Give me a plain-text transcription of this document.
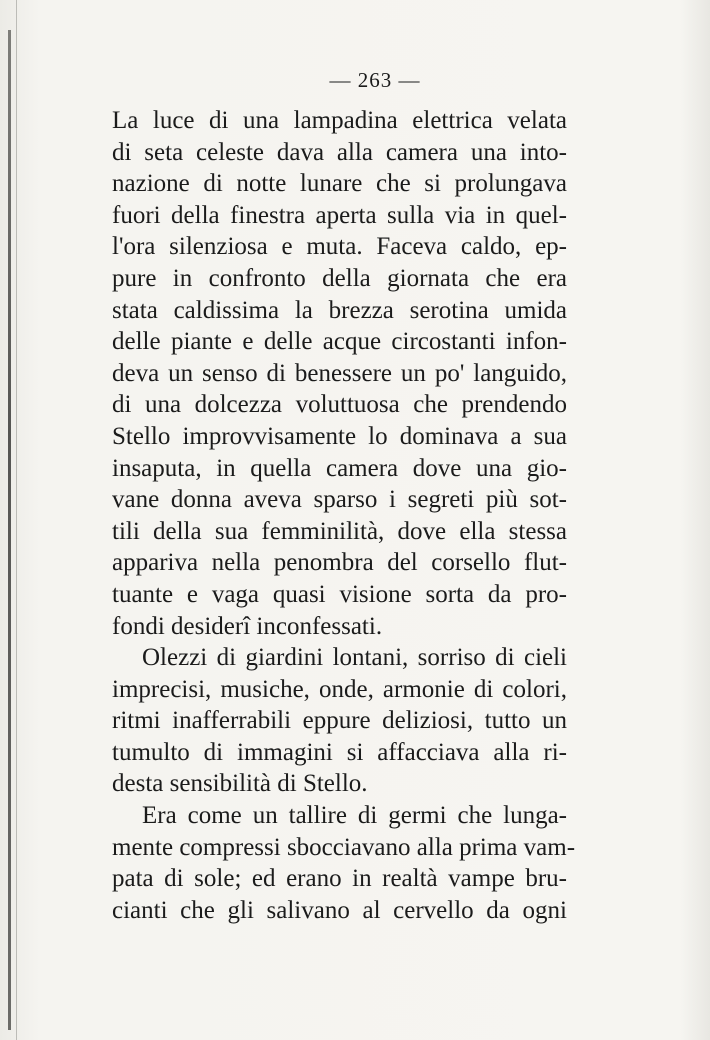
— 263 —
La luce di una lampadina elettrica velata
di seta celeste dava alla camera una into-
nazione di notte lunare che si prolungava
fuori della finestra aperta sulla via in quel-
l'ora silenziosa e muta. Faceva caldo, ep-
pure in confronto della giornata che era
stata caldissima la brezza serotina umida
delle piante e delle acque circostanti infon-
deva un senso di benessere un po' languido,
di una dolcezza voluttuosa che prendendo
Stello improvvisamente lo dominava a sua
insaputa, in quella camera dove una gio-
vane donna aveva sparso i segreti più sot-
tili della sua femminilità, dove ella stessa
appariva nella penombra del corsello flut-
tuante e vaga quasi visione sorta da pro-
fondi desiderî inconfessati.
Olezzi di giardini lontani, sorriso di cieli
imprecisi, musiche, onde, armonie di colori,
ritmi inafferrabili eppure deliziosi, tutto un
tumulto di immagini si affacciava alla ri-
desta sensibilità di Stello.
Era come un tallire di germi che lunga-
mente compressi sbocciavano alla prima vam-
pata di sole; ed erano in realtà vampe bru-
cianti che gli salivano al cervello da ogni
